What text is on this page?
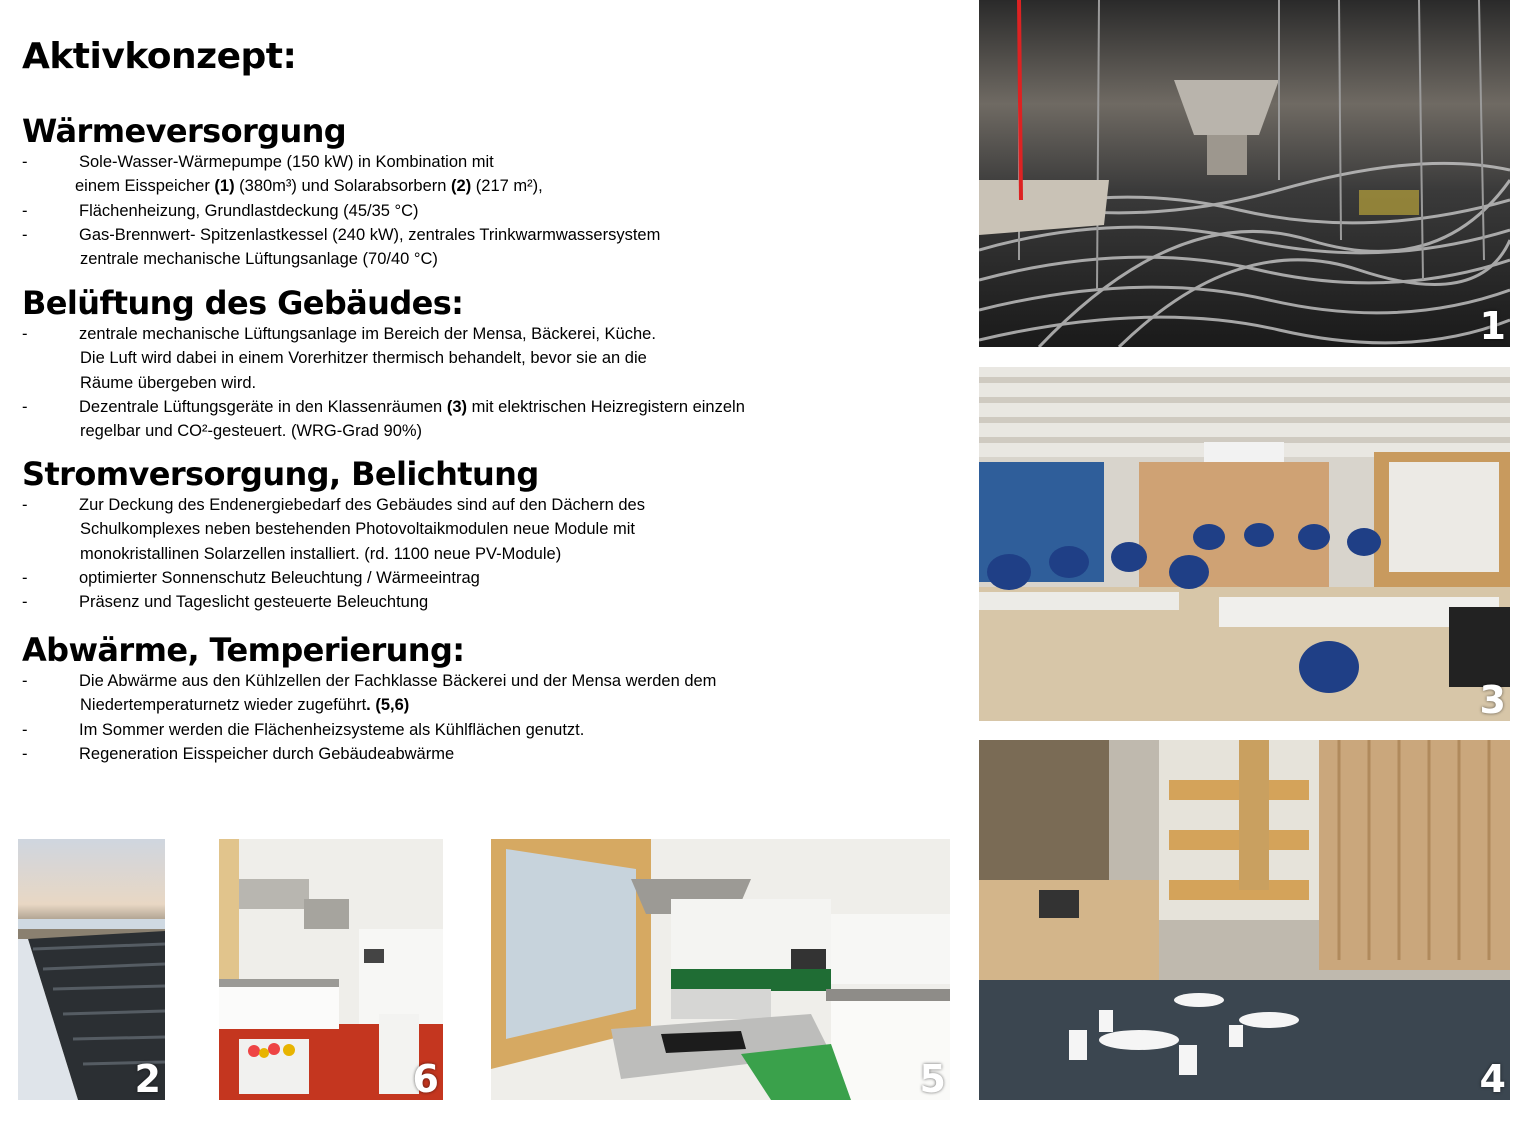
Aktivkonzept:
Wärmeversorgung
-	Sole-Wasser-Wärmepumpe (150 kW) in Kombination mit
einem Eisspeicher (1) (380m³) und Solarabsorbern (2) (217 m²),
-	Flächenheizung, Grundlastdeckung (45/35 °C)
-	Gas-Brennwert- Spitzenlastkessel (240 kW), zentrales Trinkwarmwassersystem
zentrale mechanische Lüftungsanlage (70/40 °C)
Belüftung des Gebäudes:
-	zentrale mechanische Lüftungsanlage im Bereich der Mensa, Bäckerei, Küche.
Die Luft wird dabei in einem Vorerhitzer thermisch behandelt, bevor sie an die
Räume übergeben wird.
-	Dezentrale Lüftungsgeräte in den Klassenräumen (3) mit elektrischen Heizregistern einzeln
regelbar und CO²-gesteuert. (WRG-Grad 90%)
Stromversorgung, Belichtung
-	Zur Deckung des Endenergiebedarf des Gebäudes sind auf den Dächern des
Schulkomplexes neben bestehenden Photovoltaikmodulen neue Module mit
monokristallinen Solarzellen installiert. (rd. 1100 neue PV-Module)
-	optimierter Sonnenschutz Beleuchtung / Wärmeeintrag
-	Präsenz und Tageslicht gesteuerte Beleuchtung
Abwärme, Temperierung:
-	Die Abwärme aus den Kühlzellen der Fachklasse Bäckerei und der Mensa werden dem
Niedertemperaturnetz wieder zugeführt. (5,6)
-	Im Sommer werden die Flächenheizsysteme als Kühlflächen genutzt.
-	Regeneration Eisspeicher durch Gebäudeabwärme
1
3
4
2	6	5
